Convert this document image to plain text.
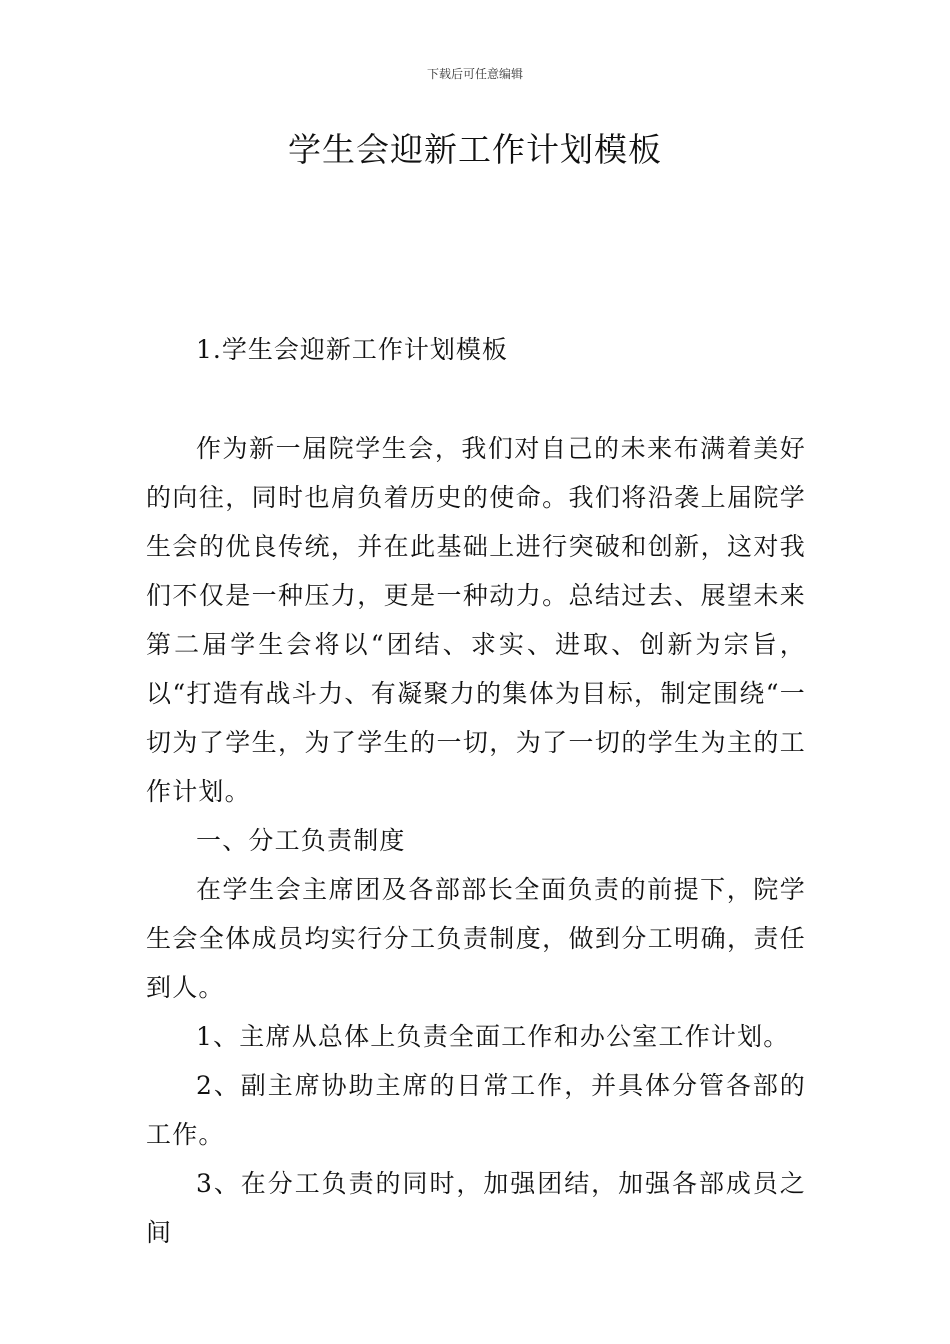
下载后可任意编辑
学生会迎新工作计划模板
1.学生会迎新工作计划模板

作为新一届院学生会，我们对自己的未来布满着美好的向往，同时也肩负着历史的使命。我们将沿袭上届院学生会的优良传统，并在此基础上进行突破和创新，这对我们不仅是一种压力，更是一种动力。总结过去、展望未来第二届学生会将以“团结、求实、进取、创新为宗旨，以“打造有战斗力、有凝聚力的集体为目标，制定围绕“一切为了学生，为了学生的一切，为了一切的学生为主的工作计划。

一、分工负责制度

在学生会主席团及各部部长全面负责的前提下，院学生会全体成员均实行分工负责制度，做到分工明确，责任到人。

1、主席从总体上负责全面工作和办公室工作计划。

2、副主席协助主席的日常工作，并具体分管各部的工作。

3、在分工负责的同时，加强团结，加强各部成员之间
